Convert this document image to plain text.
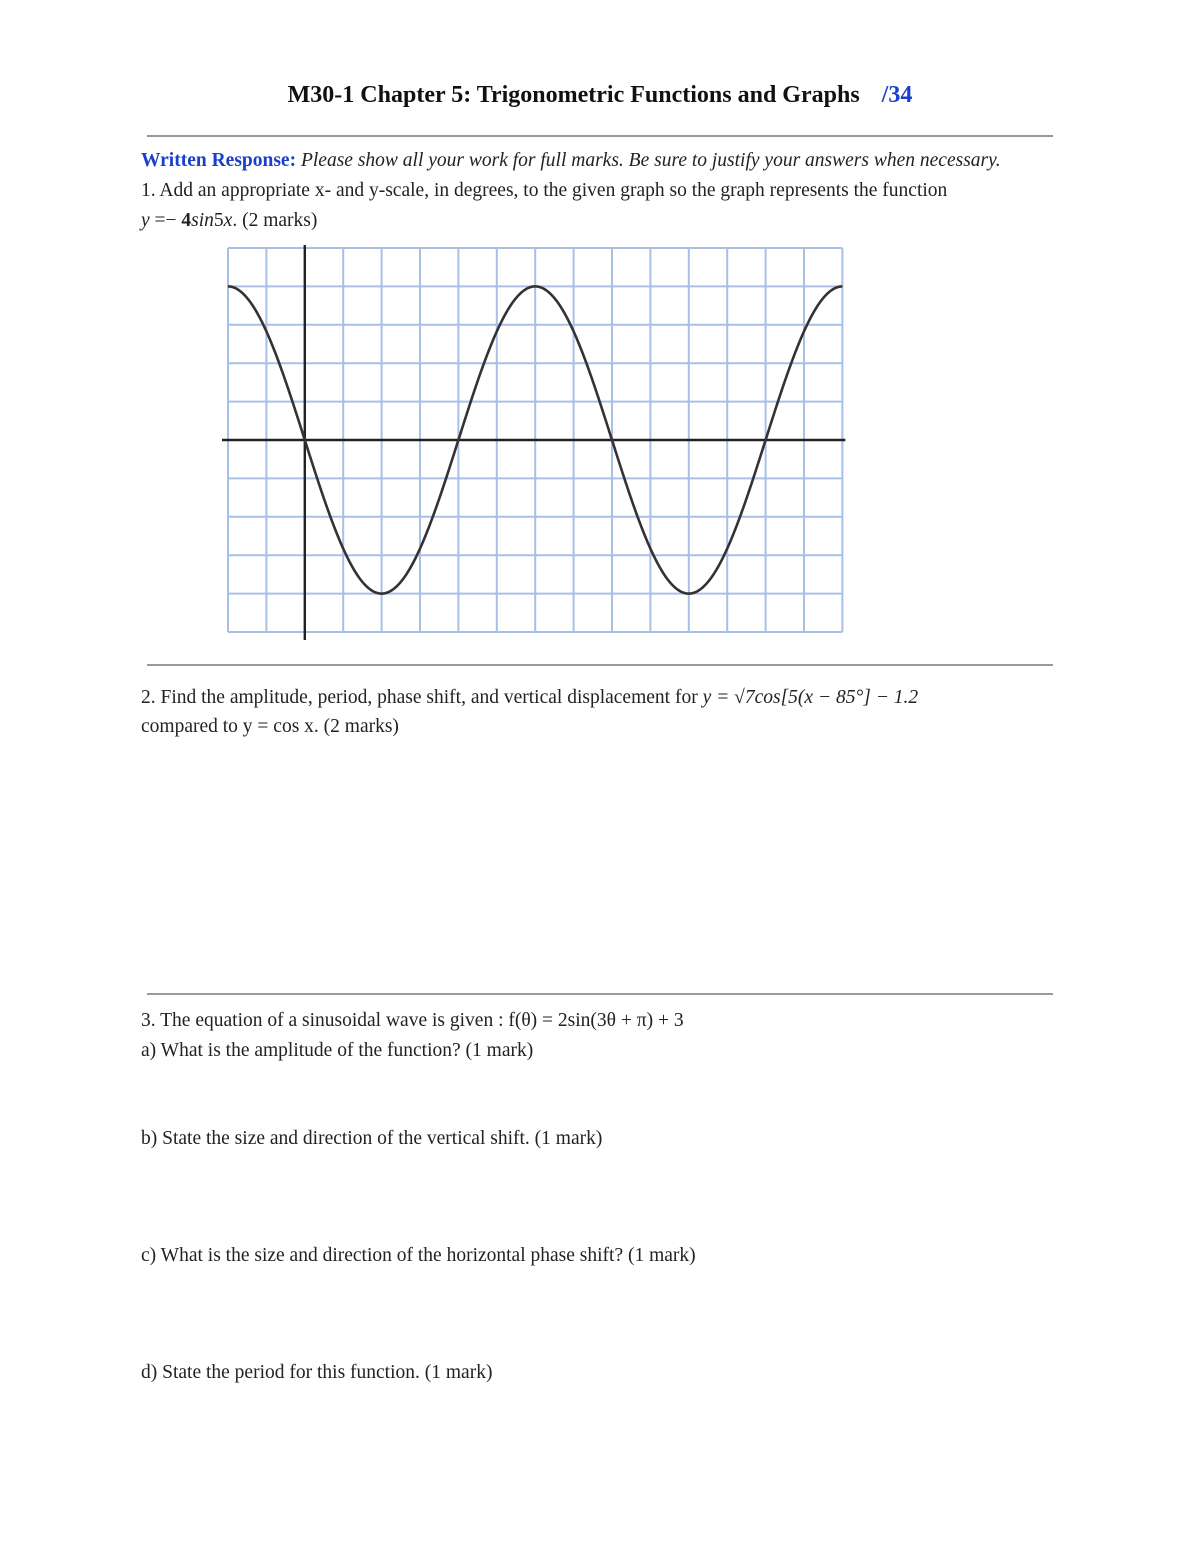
M30-1 Chapter 5: Trigonometric Functions and Graphs /34
Written Response: Please show all your work for full marks. Be sure to justify your answers when necessary.
1. Add an appropriate x- and y-scale, in degrees, to the given graph so the graph represents the function
y =− 4sin5x. (2 marks)
2. Find the amplitude, period, phase shift, and vertical displacement for y = √7cos[5(x − 85°] − 1.2
compared to y = cos x. (2 marks)
3. The equation of a sinusoidal wave is given : f(θ) = 2sin(3θ + π) + 3
a) What is the amplitude of the function? (1 mark)
b) State the size and direction of the vertical shift. (1 mark)
c) What is the size and direction of the horizontal phase shift? (1 mark)
d) State the period for this function. (1 mark)
